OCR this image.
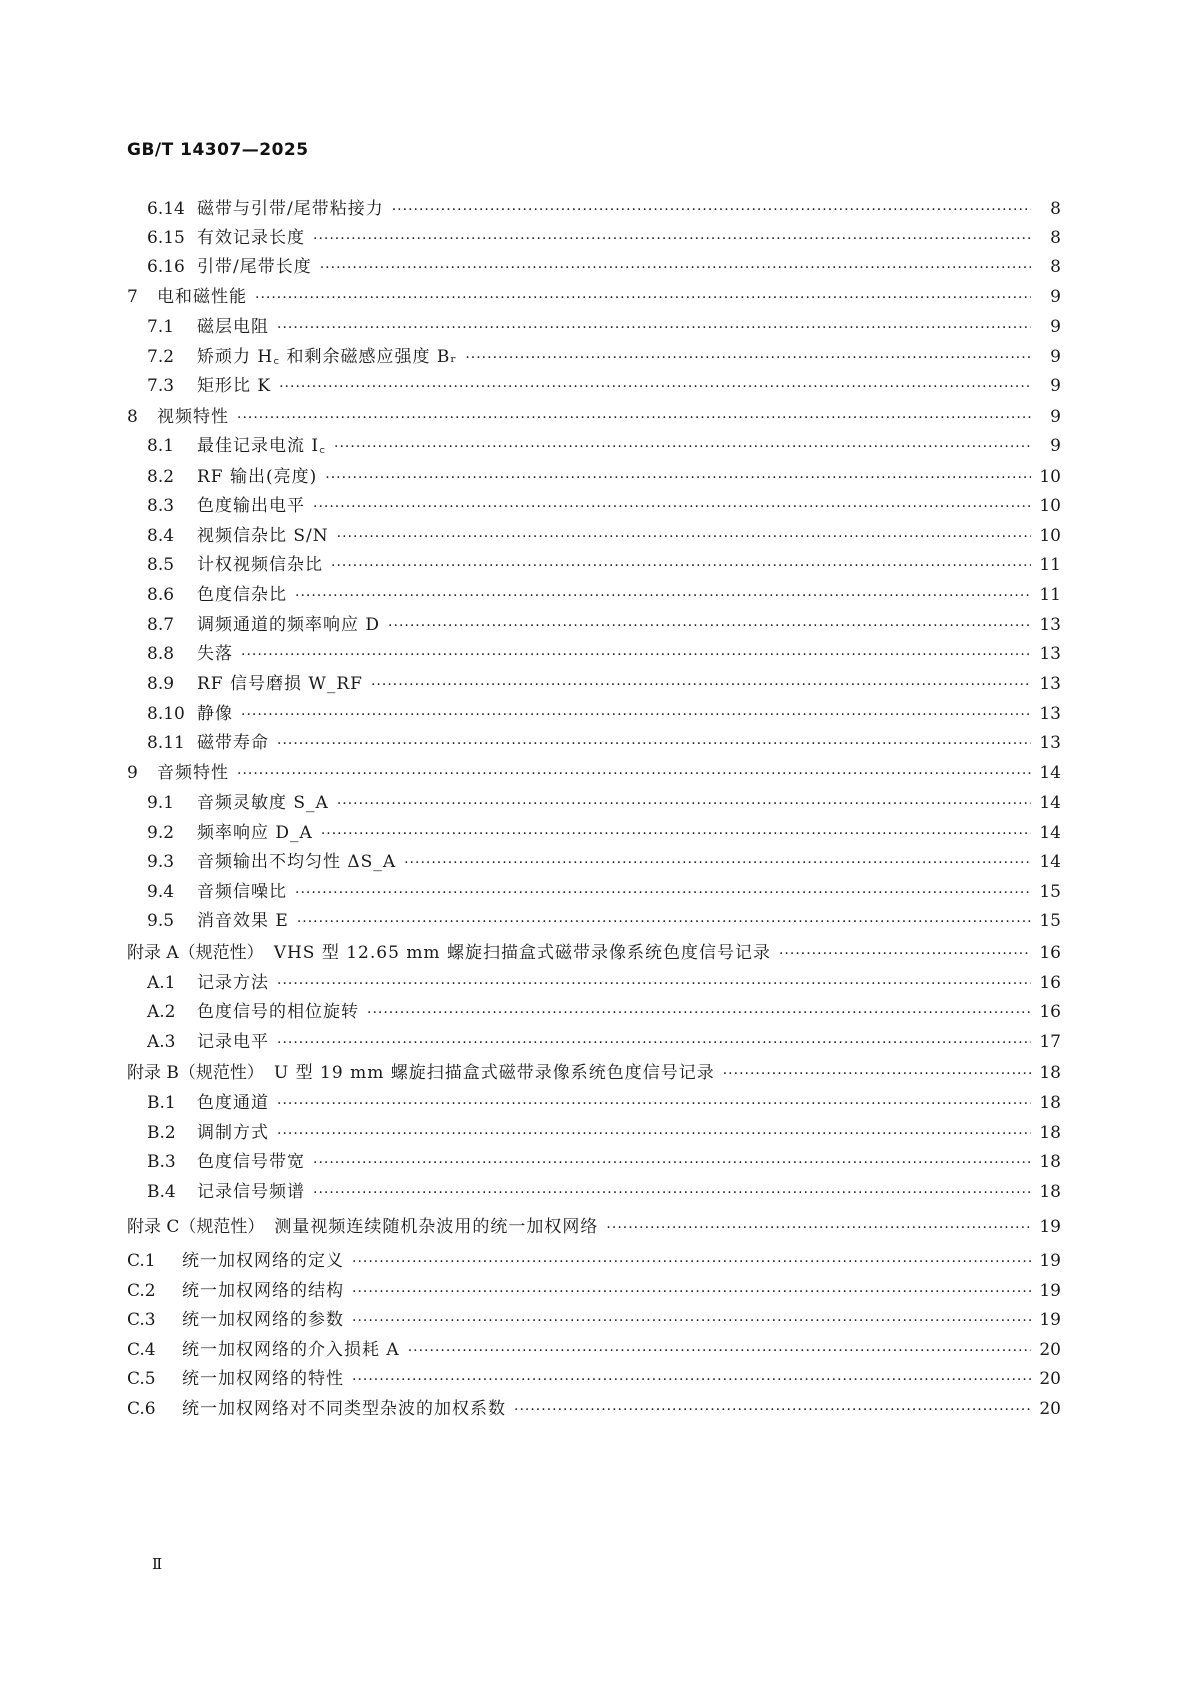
GB/T 14307—2025
6.14 磁带与引带/尾带粘接力 ·····	8
6.15 有效记录长度 ·····	8
6.16 引带/尾带长度 ·····	8
7	电和磁性能 ·····	9
7.1	磁层电阻 ·····	9
7.2	矫顽力 H꜀ 和剩余磁感应强度 Bᵣ ·····	9
7.3	矩形比 K ·····	9
8	视频特性 ·····	9
8.1	最佳记录电流 I꜀ ·····	9
8.2	RF 输出(亮度) ·····	10
8.3	色度输出电平 ·····	10
8.4	视频信杂比 S/N ·····	10
8.5	计权视频信杂比 ·····	11
8.6	色度信杂比 ·····	11
8.7	调频通道的频率响应 D ·····	13
8.8	失落 ·····	13
8.9	RF 信号磨损 W_RF ·····	13
8.10 静像 ·····	13
8.11 磁带寿命 ·····	13
9	音频特性 ·····	14
9.1	音频灵敏度 S_A ·····	14
9.2	频率响应 D_A ·····	14
9.3	音频输出不均匀性 ΔS_A ·····	14
9.4	音频信噪比 ·····	15
9.5	消音效果 E ·····	15
附录 A（规范性） VHS 型 12.65 mm 螺旋扫描盒式磁带录像系统色度信号记录 ·····	16
A.1	记录方法 ·····	16
A.2	色度信号的相位旋转 ·····	16
A.3	记录电平 ·····	17
附录 B（规范性） U 型 19 mm 螺旋扫描盒式磁带录像系统色度信号记录 ·····	18
B.1	色度通道 ·····	18
B.2	调制方式 ·····	18
B.3	色度信号带宽 ·····	18
B.4	记录信号频谱 ·····	18
附录 C（规范性） 测量视频连续随机杂波用的统一加权网络 ·····	19
C.1	统一加权网络的定义 ·····	19
C.2	统一加权网络的结构 ·····	19
C.3	统一加权网络的参数 ·····	19
C.4	统一加权网络的介入损耗 A ·····	20
C.5	统一加权网络的特性 ·····	20
C.6	统一加权网络对不同类型杂波的加权系数 ·····	20
Ⅱ
